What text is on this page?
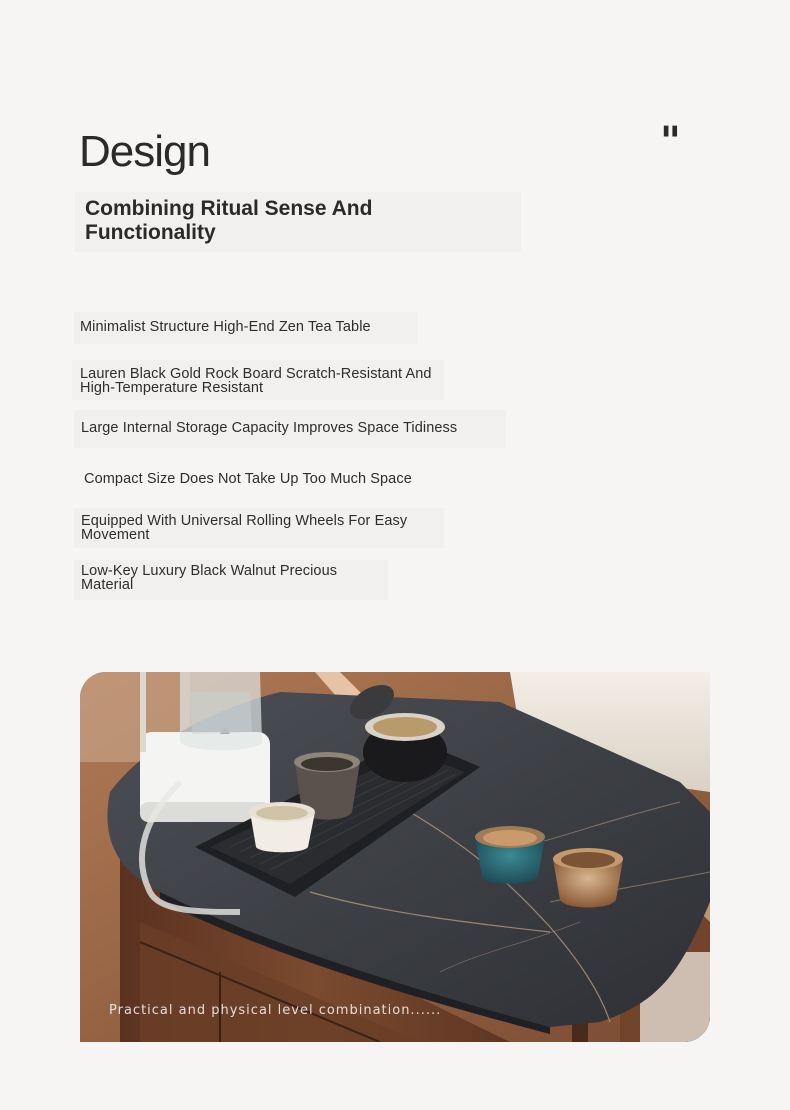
Design	"
Combining Ritual Sense And Functionality
Minimalist Structure High-End Zen Tea Table
Lauren Black Gold Rock Board Scratch-Resistant And High-Temperature Resistant
Large Internal Storage Capacity Improves Space Tidiness
Compact Size Does Not Take Up Too Much Space
Equipped With Universal Rolling Wheels For Easy Movement
Low-Key Luxury Black Walnut Precious Material
Practical and physical level combination......
